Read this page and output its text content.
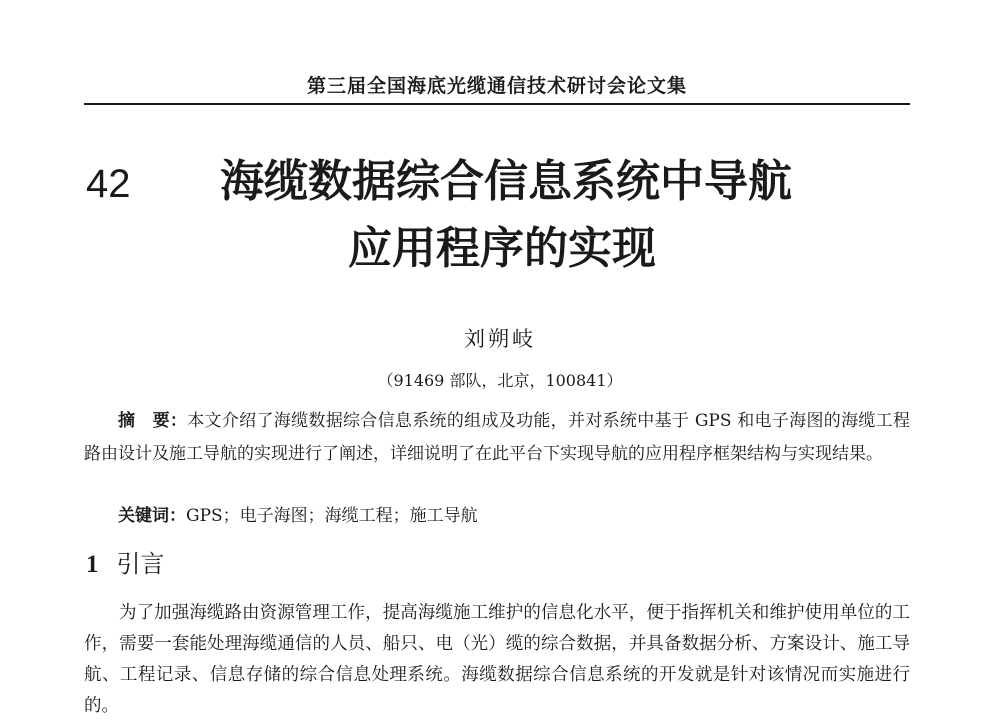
第三届全国海底光缆通信技术研讨会论文集
42 海缆数据综合信息系统中导航
应用程序的实现
刘朔岐
（91469 部队，北京，100841）

摘　要：本文介绍了海缆数据综合信息系统的组成及功能，并对系统中基于 GPS 和电子海图的海缆工程路由设计及施工导航的实现进行了阐述，详细说明了在此平台下实现导航的应用程序框架结构与实现结果。

关键词：GPS；电子海图；海缆工程；施工导航

1 引言

为了加强海缆路由资源管理工作，提高海缆施工维护的信息化水平，便于指挥机关和维护使用单位的工作，需要一套能处理海缆通信的人员、船只、电（光）缆的综合数据，并具备数据分析、方案设计、施工导航、工程记录、信息存储的综合信息处理系统。海缆数据综合信息系统的开发就是针对该情况而实施进行的。
